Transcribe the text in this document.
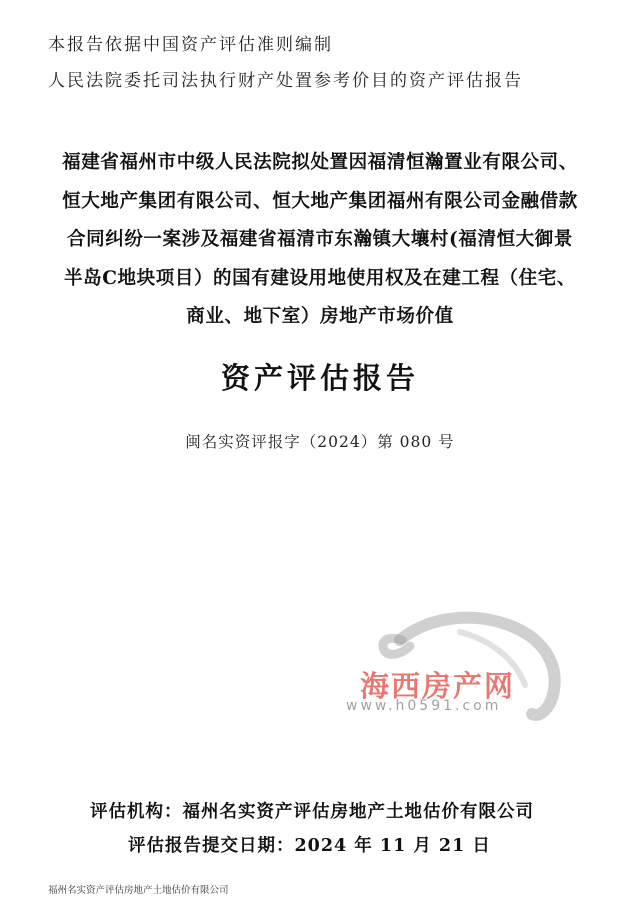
本报告依据中国资产评估准则编制
人民法院委托司法执行财产处置参考价目的资产评估报告
福建省福州市中级人民法院拟处置因福清恒瀚置业有限公司、
恒大地产集团有限公司、恒大地产集团福州有限公司金融借款
合同纠纷一案涉及福建省福清市东瀚镇大壤村(福清恒大御景
半岛C地块项目）的国有建设用地使用权及在建工程（住宅、
商业、地下室）房地产市场价值
资产评估报告
闽名实资评报字（2024）第 080 号
海西房产网
www.h0591.com
评估机构：福州名实资产评估房地产土地估价有限公司
评估报告提交日期：2024 年 11 月 21 日
福州名实资产评估房地产土地估价有限公司
